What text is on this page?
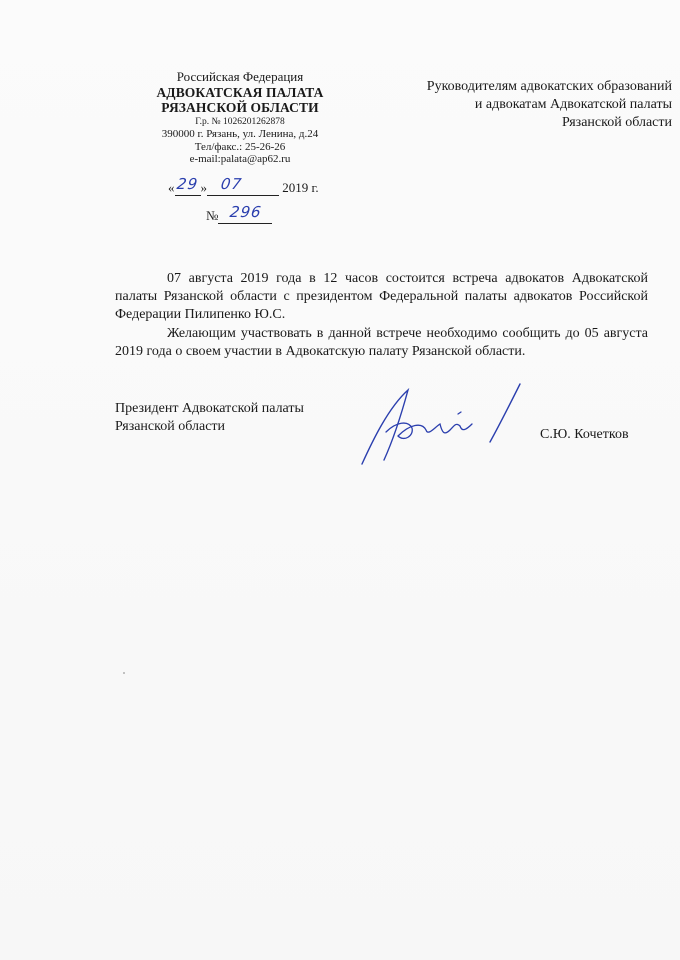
Российская Федерация
АДВОКАТСКАЯ ПАЛАТА
РЯЗАНСКОЙ ОБЛАСТИ
Г.р. № 1026201262878
390000 г. Рязань, ул. Ленина, д.24
Тел/факс.: 25-26-26
e-mail:palata@ap62.ru
Руководителям адвокатских образований
и адвокатам Адвокатской палаты
Рязанской области
« 29 » 07	2019 г.
№ 296

07 августа 2019 года в 12 часов состоится встреча адвокатов Адвокатской палаты Рязанской области с президентом Федеральной палаты адвокатов Российской Федерации Пилипенко Ю.С.

Желающим участвовать в данной встрече необходимо сообщить до 05 августа 2019 года о своем участии в Адвокатскую палату Рязанской области.

Президент Адвокатской палаты
Рязанской области
С.Ю. Кочетков
